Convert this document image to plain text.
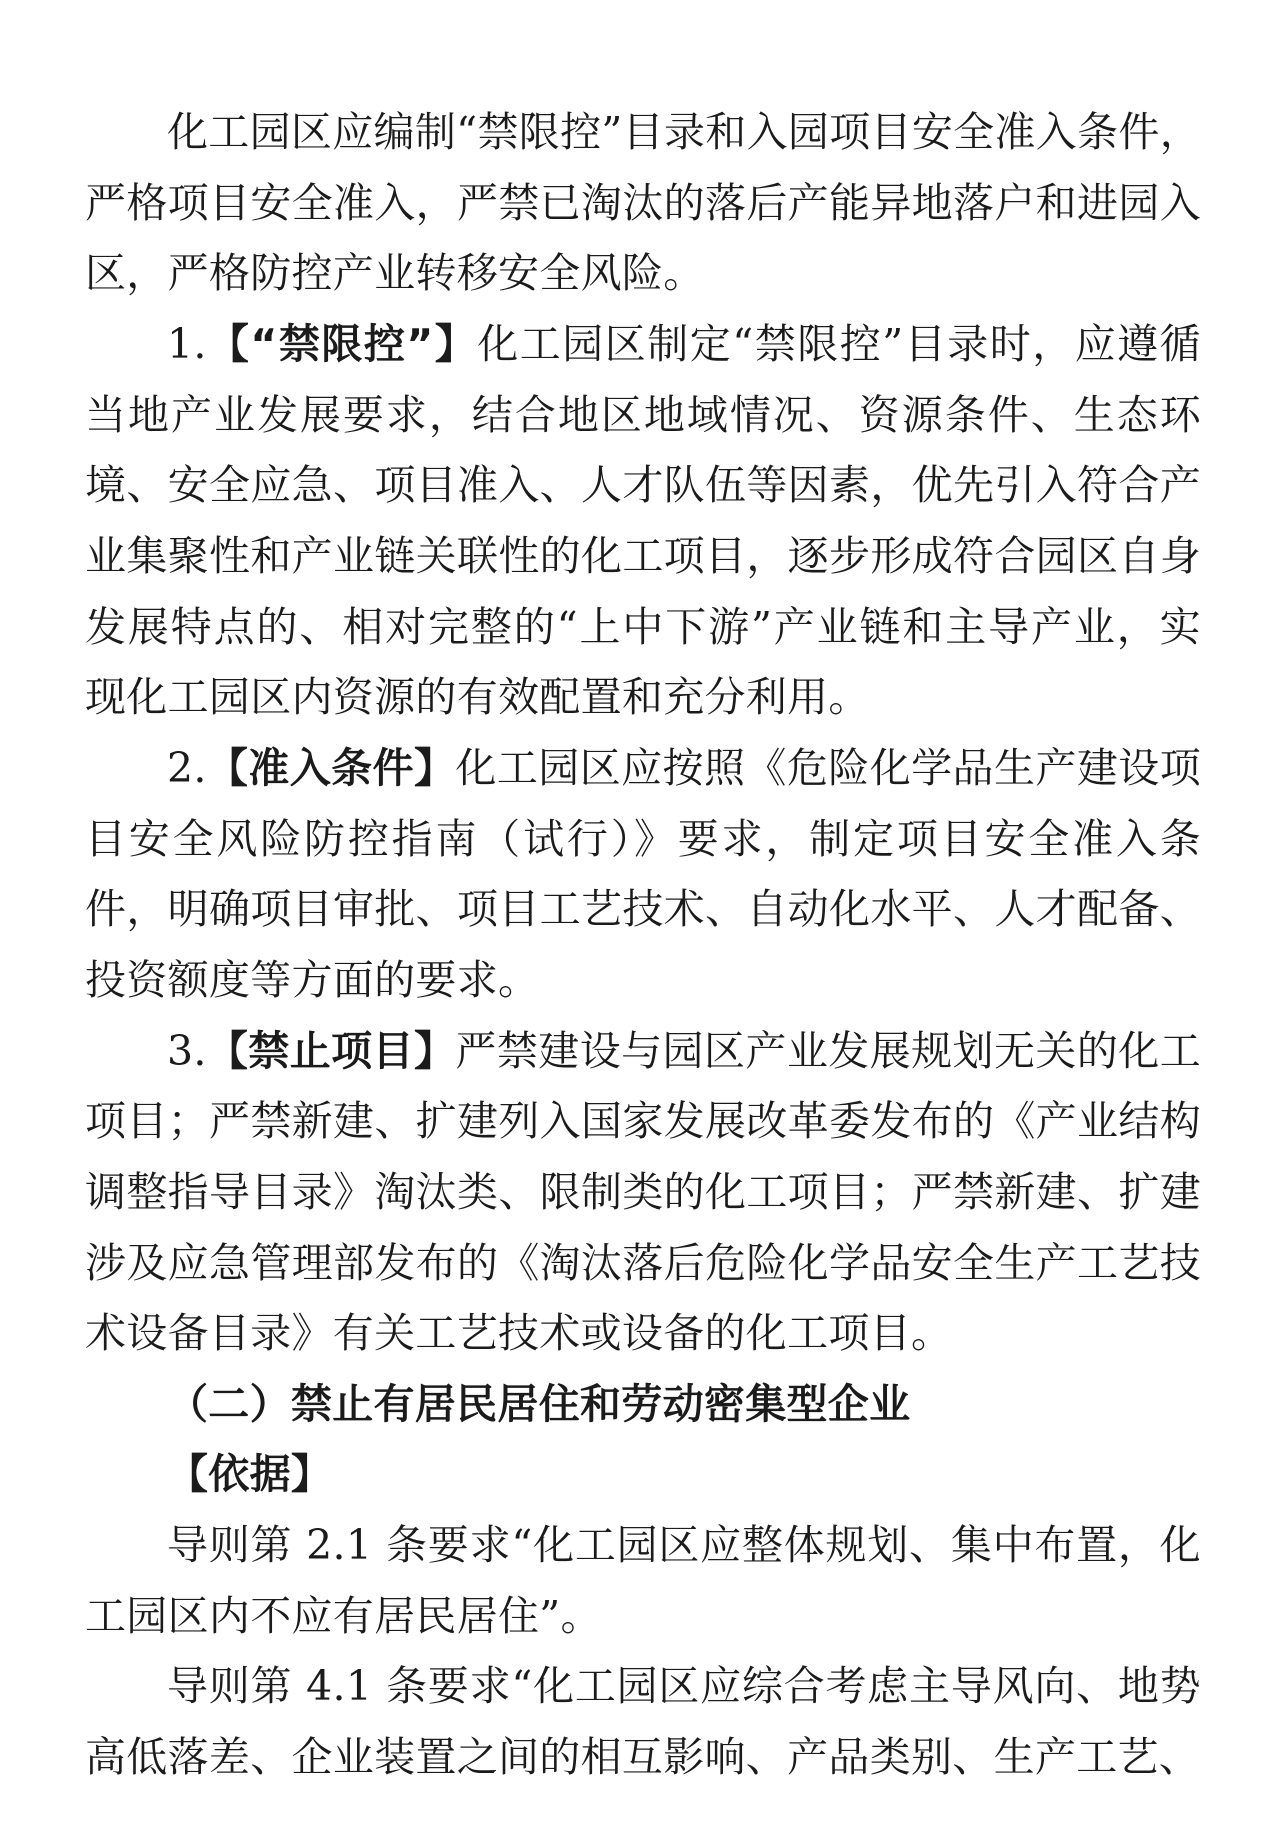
化工园区应编制“禁限控”目录和入园项目安全准入条件，严格项目安全准入，严禁已淘汰的落后产能异地落户和进园入区，严格防控产业转移安全风险。

1.【“禁限控”】化工园区制定“禁限控”目录时，应遵循当地产业发展要求，结合地区地域情况、资源条件、生态环境、安全应急、项目准入、人才队伍等因素，优先引入符合产业集聚性和产业链关联性的化工项目，逐步形成符合园区自身发展特点的、相对完整的“上中下游”产业链和主导产业，实现化工园区内资源的有效配置和充分利用。

2.【准入条件】化工园区应按照《危险化学品生产建设项目安全风险防控指南（试行）》要求，制定项目安全准入条件，明确项目审批、项目工艺技术、自动化水平、人才配备、投资额度等方面的要求。

3.【禁止项目】严禁建设与园区产业发展规划无关的化工项目；严禁新建、扩建列入国家发展改革委发布的《产业结构调整指导目录》淘汰类、限制类的化工项目；严禁新建、扩建涉及应急管理部发布的《淘汰落后危险化学品安全生产工艺技术设备目录》有关工艺技术或设备的化工项目。

（二）禁止有居民居住和劳动密集型企业

【依据】

导则第 2.1 条要求“化工园区应整体规划、集中布置，化工园区内不应有居民居住”。

导则第 4.1 条要求“化工园区应综合考虑主导风向、地势高低落差、企业装置之间的相互影响、产品类别、生产工艺、
